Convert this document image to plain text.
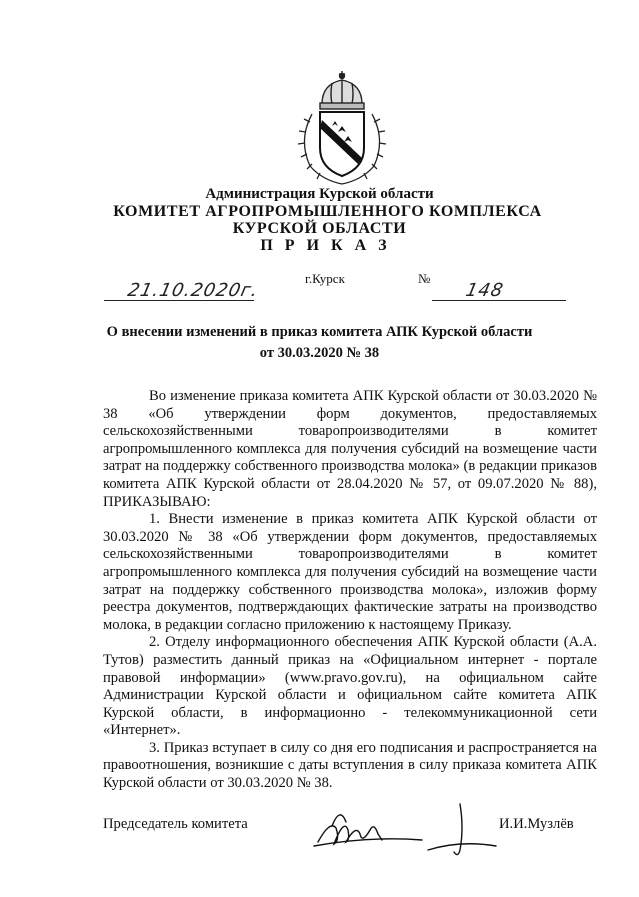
Администрация Курской области
КОМИТЕТ АГРОПРОМЫШЛЕННОГО КОМПЛЕКСА
КУРСКОЙ ОБЛАСТИ
П Р И К А З
г.Курск	№
21.10.2020г.	148
О внесении изменений в приказ комитета АПК Курской области
от 30.03.2020 № 38

Во изменение приказа комитета АПК Курской области от 30.03.2020 № 38 «Об утверждении форм документов, предоставляемых сельскохозяйственными товаропроизводителями в комитет агропромышленного комплекса для получения субсидий на возмещение части затрат на поддержку собственного производства молока» (в редакции приказов комитета АПК Курской области от 28.04.2020 № 57, от 09.07.2020 № 88), ПРИКАЗЫВАЮ:

1. Внести изменение в приказ комитета АПК Курской области от 30.03.2020 № 38 «Об утверждении форм документов, предоставляемых сельскохозяйственными товаропроизводителями в комитет агропромышленного комплекса для получения субсидий на возмещение части затрат на поддержку собственного производства молока», изложив форму реестра документов, подтверждающих фактические затраты на производство молока, в редакции согласно приложению к настоящему Приказу.

2. Отделу информационного обеспечения АПК Курской области (А.А. Тутов) разместить данный приказ на «Официальном интернет - портале правовой информации» (www.pravo.gov.ru), на официальном сайте Администрации Курской области и официальном сайте комитета АПК Курской области, в информационно - телекоммуникационной сети «Интернет».

3. Приказ вступает в силу со дня его подписания и распространяется на правоотношения, возникшие с даты вступления в силу приказа комитета АПК Курской области от 30.03.2020 № 38.

Председатель комитета	И.И.Музлёв
